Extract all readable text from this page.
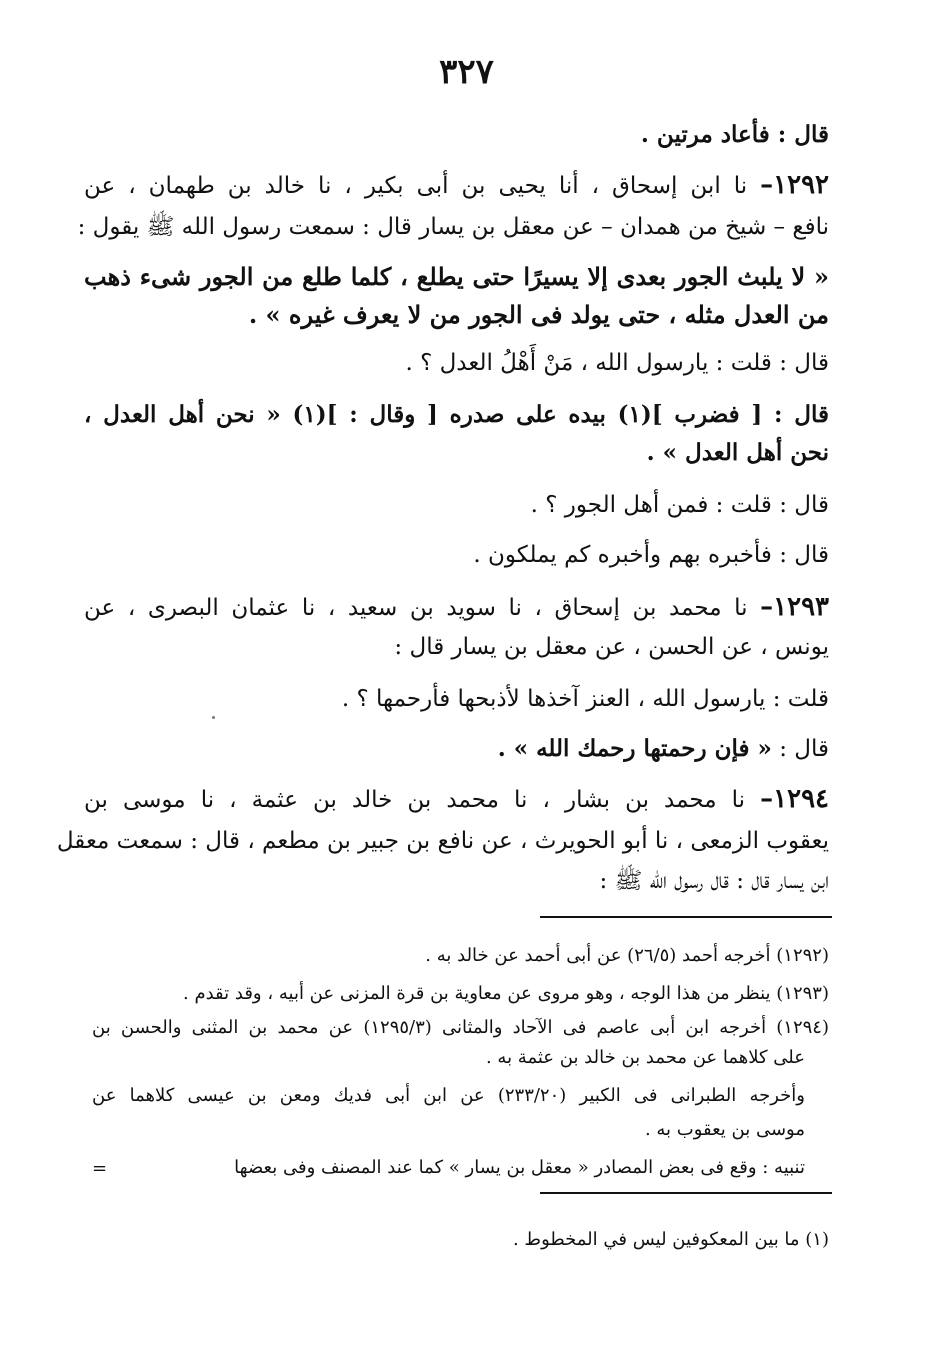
٣٢٧
قال : فأعاد مرتين .
١٢٩٢– نا ابن إسحاق ، أنا يحيى بن أبى بكير ، نا خالد بن طهمان ، عن
نافع – شيخ من همدان – عن معقل بن يسار قال : سمعت رسول الله ﷺ يقول :
« لا يلبث الجور بعدى إلا يسيرًا حتى يطلع ، كلما طلع من الجور شىء ذهب
من العدل مثله ، حتى يولد فى الجور من لا يعرف غيره » .
قال : قلت : يارسول الله ، مَنْ أَهْلُ العدل ؟ .
قال : [ فضرب ](١) بيده على صدره [ وقال : ](١) « نحن أهل العدل ،
نحن أهل العدل » .
قال : قلت : فمن أهل الجور ؟ .
قال : فأخبره بهم وأخبره كم يملكون .
١٢٩٣– نا محمد بن إسحاق ، نا سويد بن سعيد ، نا عثمان البصرى ، عن
يونس ، عن الحسن ، عن معقل بن يسار قال :
قلت : يارسول الله ، العنز آخذها لأذبحها فأرحمها ؟ .
قال : « فإن رحمتها رحمك الله » .
١٢٩٤– نا محمد بن بشار ، نا محمد بن خالد بن عثمة ، نا موسى بن
يعقوب الزمعى ، نا أبو الحويرث ، عن نافع بن جبير بن مطعم ، قال : سمعت معقل
ابن يسار قال : قال رسول الله ﷺ :
(١٢٩٢) أخرجه أحمد (٢٦/٥) عن أبى أحمد عن خالد به .
(١٢٩٣) ينظر من هذا الوجه ، وهو مروى عن معاوية بن قرة المزنى عن أبيه ، وقد تقدم .
(١٢٩٤) أخرجه ابن أبى عاصم فى الآحاد والمثانى (١٢٩٥/٣) عن محمد بن المثنى والحسن بن
على كلاهما عن محمد بن خالد بن عثمة به .
وأخرجه الطبرانى فى الكبير (٢٣٣/٢٠) عن ابن أبى فديك ومعن بن عيسى كلاهما عن
موسى بن يعقوب به .
تنبيه : وقع فى بعض المصادر « معقل بن يسار » كما عند المصنف وفى بعضها
=
(١) ما بين المعكوفين ليس في المخطوط .
